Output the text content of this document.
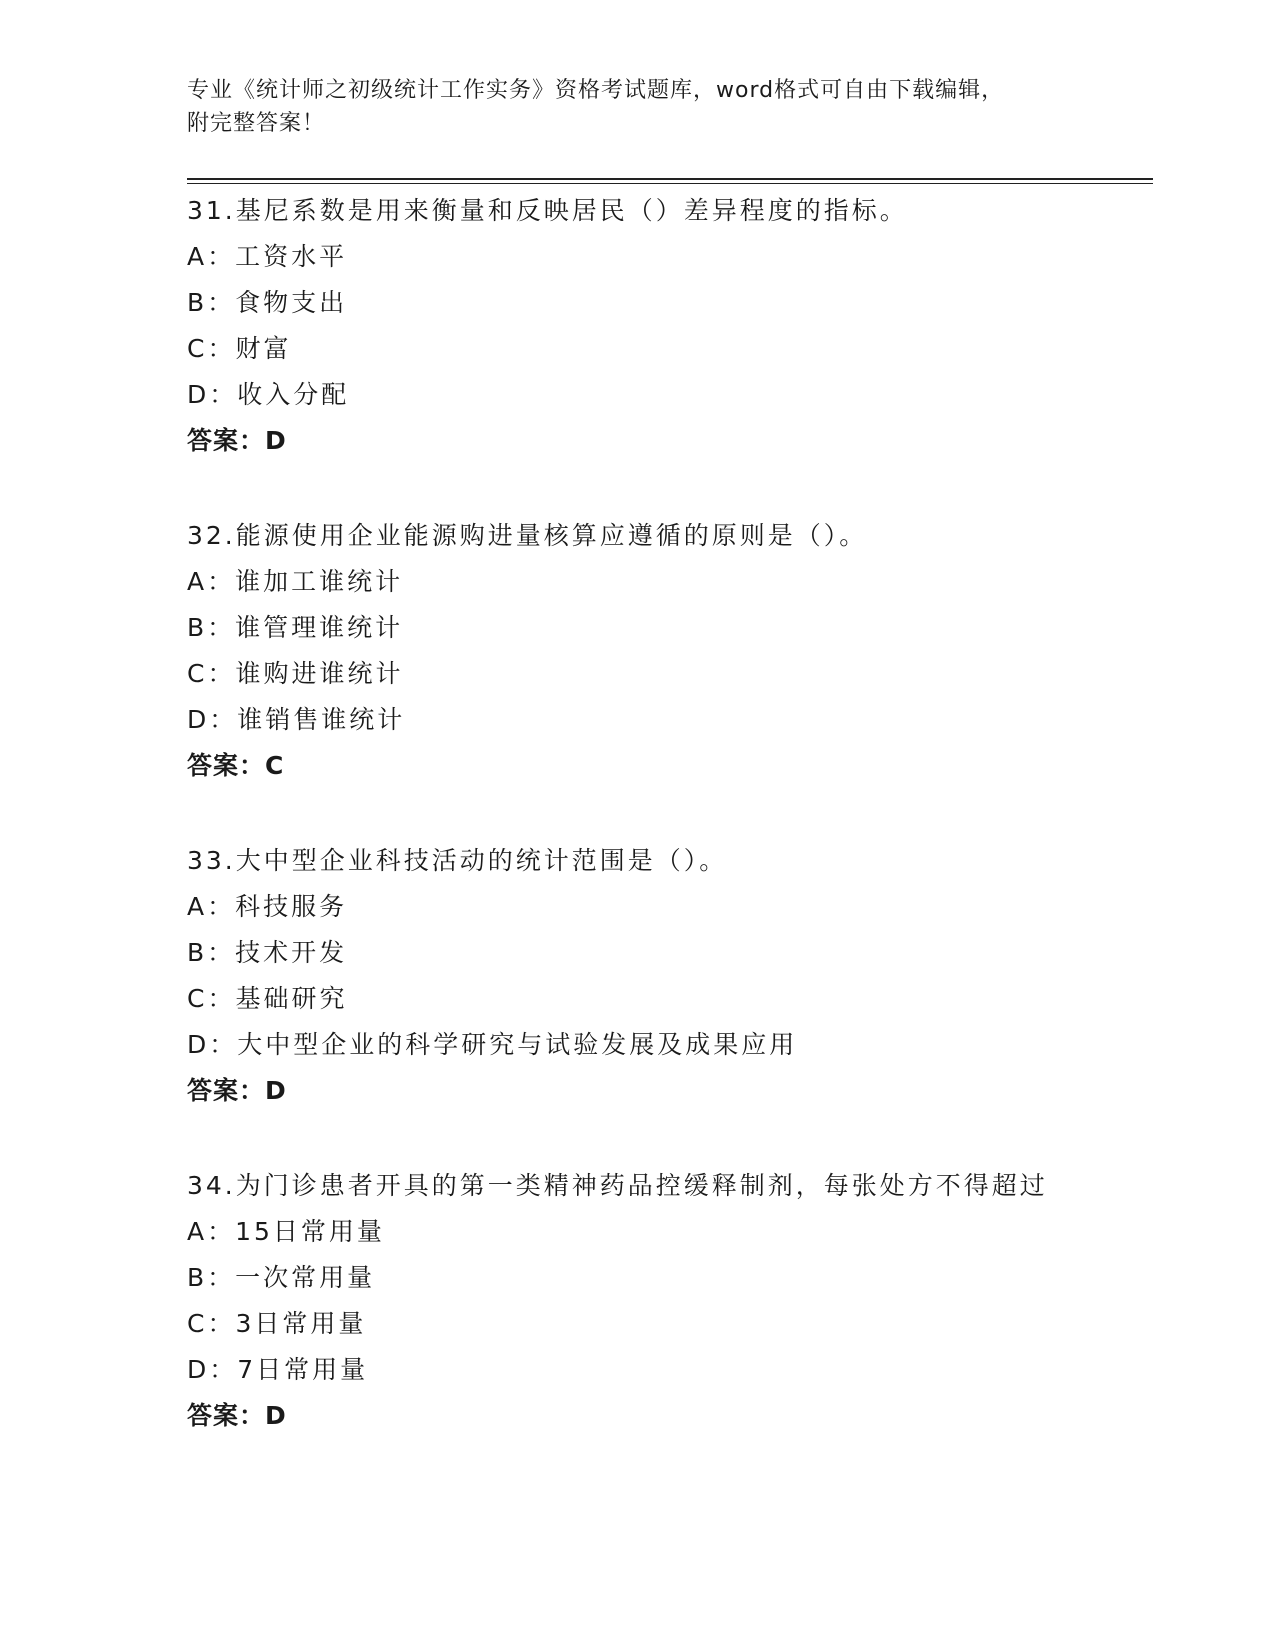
专业《统计师之初级统计工作实务》资格考试题库，word格式可自由下载编辑，
附完整答案！
31.基尼系数是用来衡量和反映居民（）差异程度的指标。
A：工资水平
B：食物支出
C：财富
D：收入分配
答案：D
32.能源使用企业能源购进量核算应遵循的原则是（）。
A：谁加工谁统计
B：谁管理谁统计
C：谁购进谁统计
D：谁销售谁统计
答案：C
33.大中型企业科技活动的统计范围是（）。
A：科技服务
B：技术开发
C：基础研究
D：大中型企业的科学研究与试验发展及成果应用
答案：D
34.为门诊患者开具的第一类精神药品控缓释制剂，每张处方不得超过
A：15日常用量
B：一次常用量
C：3日常用量
D：7日常用量
答案：D
